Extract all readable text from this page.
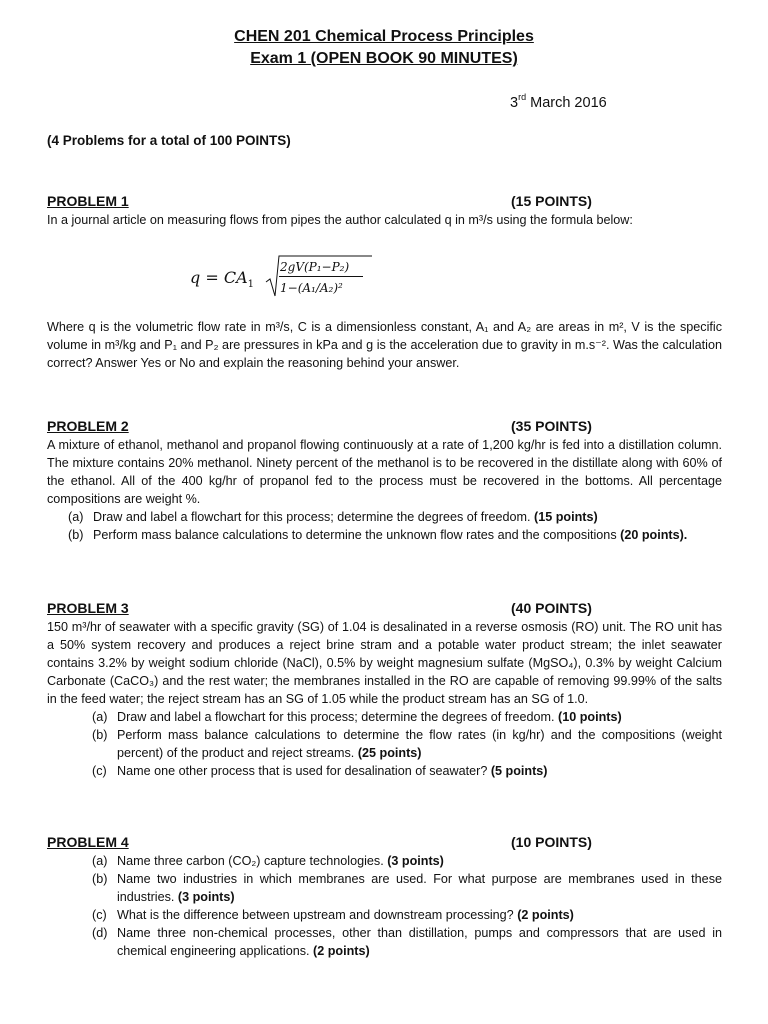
CHEN 201 Chemical Process Principles
Exam 1 (OPEN BOOK 90 MINUTES)
3rd March 2016
(4 Problems for a total of 100 POINTS)
PROBLEM 1	(15 POINTS)

In a journal article on measuring flows from pipes the author calculated q in m³/s using the formula below:

$q = CA_1$
2gV(P₁−P₂)
1−(A₁/A₂)²

Where q is the volumetric flow rate in m³/s, C is a dimensionless constant, A₁ and A₂ are areas in m², V is the specific volume in m³/kg and P₁ and P₂ are pressures in kPa and g is the acceleration due to gravity in m.s⁻². Was the calculation correct? Answer Yes or No and explain the reasoning behind your answer.

PROBLEM 2	(35 POINTS)

A mixture of ethanol, methanol and propanol flowing continuously at a rate of 1,200 kg/hr is fed into a distillation column. The mixture contains 20% methanol. Ninety percent of the methanol is to be recovered in the distillate along with 60% of the ethanol. All of the 400 kg/hr of propanol fed to the process must be recovered in the bottoms. All percentage compositions are weight %.

(a) Draw and label a flowchart for this process; determine the degrees of freedom. (15 points)
(b) Perform mass balance calculations to determine the unknown flow rates and the compositions (20 points).
PROBLEM 3	(40 POINTS)

150 m³/hr of seawater with a specific gravity (SG) of 1.04 is desalinated in a reverse osmosis (RO) unit. The RO unit has a 50% system recovery and produces a reject brine stram and a potable water product stream; the inlet seawater contains 3.2% by weight sodium chloride (NaCl), 0.5% by weight magnesium sulfate (MgSO₄), 0.3% by weight Calcium Carbonate (CaCO₃) and the rest water; the membranes installed in the RO are capable of removing 99.99% of the salts in the feed water; the reject stream has an SG of 1.05 while the product stream has an SG of 1.0.

(a) Draw and label a flowchart for this process; determine the degrees of freedom. (10 points)
(b) Perform mass balance calculations to determine the flow rates (in kg/hr) and the compositions (weight percent) of the product and reject streams. (25 points)
(c) Name one other process that is used for desalination of seawater? (5 points)
PROBLEM 4	(10 POINTS)
(a) Name three carbon (CO₂) capture technologies. (3 points)
(b) Name two industries in which membranes are used. For what purpose are membranes used in these industries. (3 points)
(c) What is the difference between upstream and downstream processing? (2 points)
(d) Name three non-chemical processes, other than distillation, pumps and compressors that are used in chemical engineering applications. (2 points)
